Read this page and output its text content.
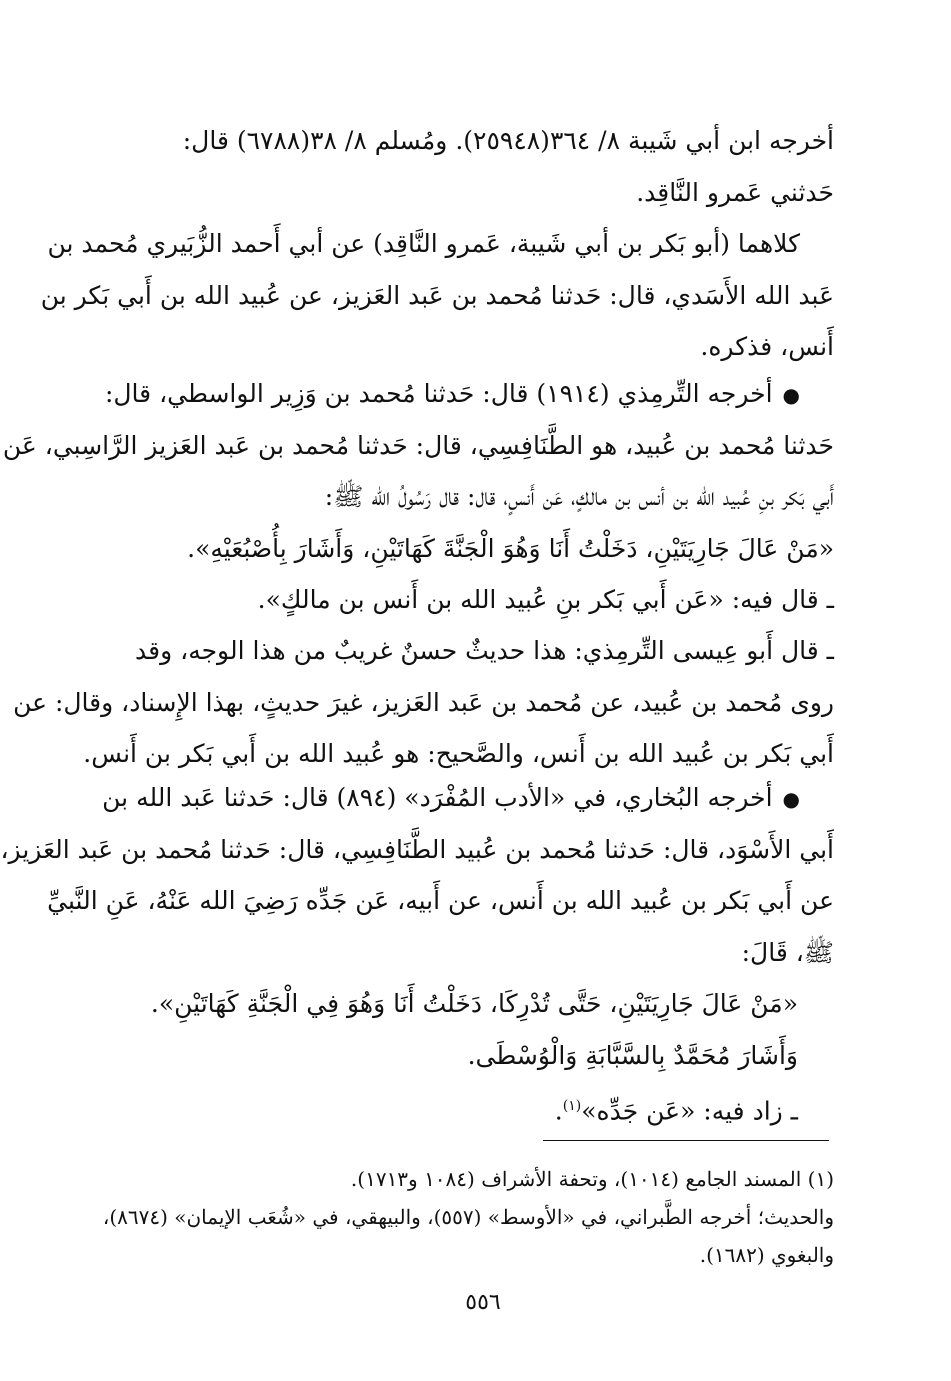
أخرجه ابن أبي شَيبة ٨/ ٣٦٤(٢٥٩٤٨). ومُسلم ٨/ ٣٨(٦٧٨٨) قال:
حَدثني عَمرو النَّاقِد.
كلاهما (أبو بَكر بن أبي شَيبة، عَمرو النَّاقِد) عن أبي أَحمد الزُّبَيري مُحمد بن
عَبد الله الأَسَدي، قال: حَدثنا مُحمد بن عَبد العَزيز، عن عُبيد الله بن أَبي بَكر بن
أَنس، فذكره.
●أخرجه التِّرمِذي (١٩١٤) قال: حَدثنا مُحمد بن وَزِير الواسطي، قال:
حَدثنا مُحمد بن عُبيد، هو الطَّنَافِسِي، قال: حَدثنا مُحمد بن عَبد العَزيز الرَّاسِبي، عَن
أَبي بَكر بنِ عُبيد الله بن أنس بن مالكٍ، عَن أَنسٍ، قال: قال رَسُولُ الله ﷺ:
«مَنْ عَالَ جَارِيَتَيْنِ، دَخَلْتُ أَنَا وَهُوَ الْجَنَّةَ كَهَاتَيْنِ، وَأَشَارَ بِأُصْبُعَيْهِ».
ـ قال فيه: «عَن أَبي بَكر بنِ عُبيد الله بن أَنس بن مالكٍ».
ـ قال أَبو عِيسى التِّرمِذي: هذا حديثٌ حسنٌ غريبٌ من هذا الوجه، وقد
روى مُحمد بن عُبيد، عن مُحمد بن عَبد العَزيز، غيرَ حديثٍ، بهذا الإِسناد، وقال: عن
أَبي بَكر بن عُبيد الله بن أَنس، والصَّحيح: هو عُبيد الله بن أَبي بَكر بن أَنس.
●أخرجه البُخاري، في «الأدب المُفْرَد» (٨٩٤) قال: حَدثنا عَبد الله بن
أَبي الأَسْوَد، قال: حَدثنا مُحمد بن عُبيد الطَّنَافِسِي، قال: حَدثنا مُحمد بن عَبد العَزيز،
عن أَبي بَكر بن عُبيد الله بن أَنس، عن أَبيه، عَن جَدِّه رَضِيَ الله عَنْهُ، عَنِ النَّبيِّ
ﷺ، قَالَ:
«مَنْ عَالَ جَارِيَتَيْنِ، حَتَّى تُدْرِكَا، دَخَلْتُ أَنَا وَهُوَ فِي الْجَنَّةِ كَهَاتَيْنِ».
وَأَشَارَ مُحَمَّدٌ بِالسَّبَّابَةِ وَالْوُسْطَى.
ـ زاد فيه: «عَن جَدِّه»$^{(١)}$.
(١) المسند الجامع (١٠١٤)، وتحفة الأشراف (١٠٨٤ و١٧١٣).
والحديث؛ أخرجه الطَّبراني، في «الأوسط» (٥٥٧)، والبيهقي، في «شُعَب الإيمان» (٨٦٧٤)،
والبغوي (١٦٨٢).
٥٥٦
